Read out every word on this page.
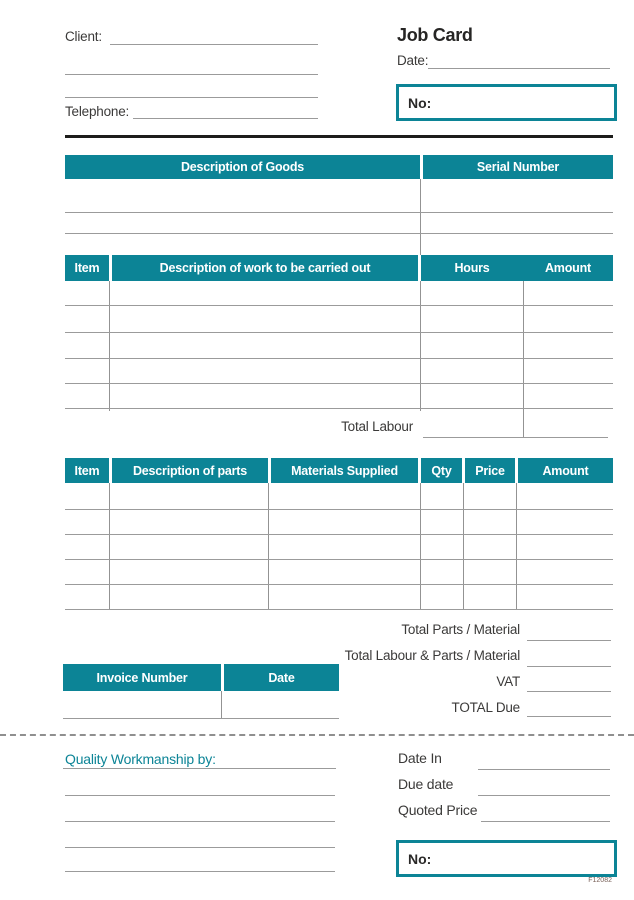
Client:
Telephone:
Job Card
Date:
No:
Description of Goods	Serial Number
Item	Description of work to be carried out	Hours	Amount
Total Labour
Item	Description of parts	Materials Supplied	Qty	Price	Amount
Total Parts / Material
Total Labour & Parts / Material
VAT
TOTAL Due
Invoice Number	Date
Quality Workmanship by:	Date In
Due date
Quoted Price
No:
F12082
